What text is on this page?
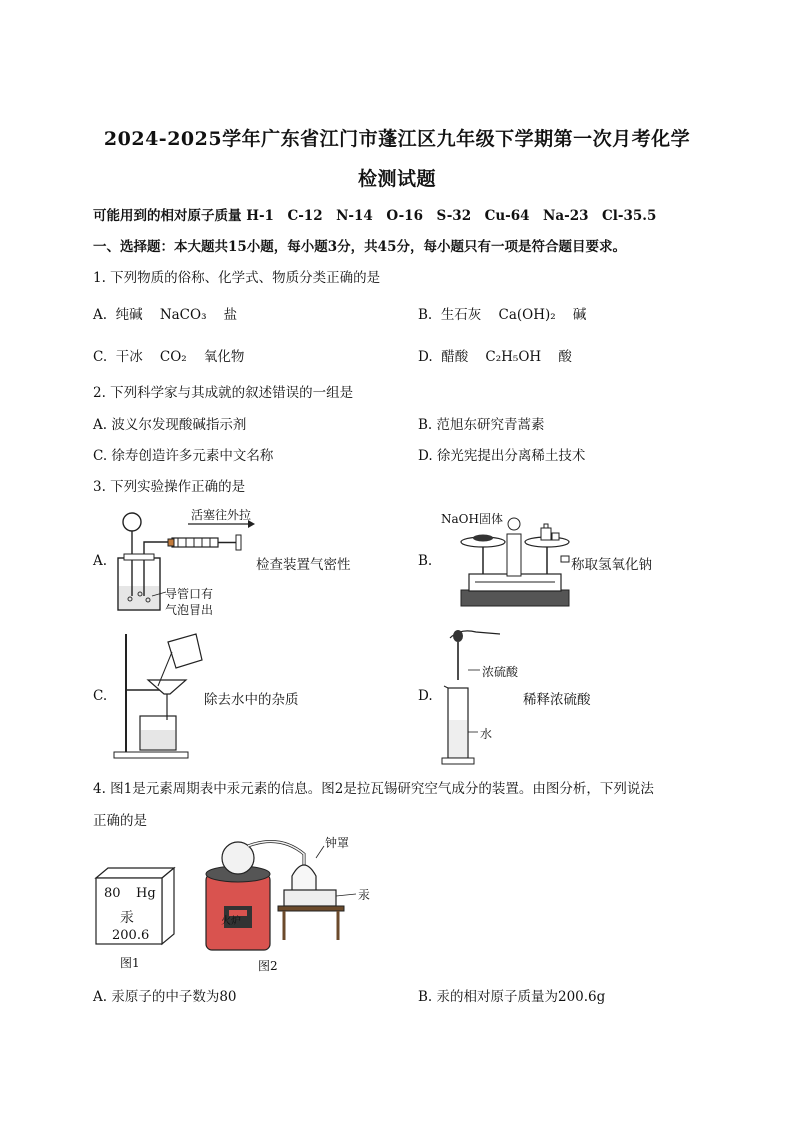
2024-2025学年广东省江门市蓬江区九年级下学期第一次月考化学
检测试题
可能用到的相对原子质量 H-1　C-12　N-14　O-16　S-32　Cu-64　Na-23　Cl-35.5
一、选择题：本大题共15小题，每小题3分，共45分，每小题只有一项是符合题目要求。
1. 下列物质的俗称、化学式、物质分类正确的是
A. 纯碱 NaCO₃ 盐	B. 生石灰 Ca(OH)₂ 碱
C. 干冰 CO₂ 氧化物	D. 醋酸 C₂H₅OH 酸
2. 下列科学家与其成就的叙述错误的一组是
A. 波义尔发现酸碱指示剂	B. 范旭东研究青蒿素
C. 徐寿创造许多元素中文名称	D. 徐光宪提出分离稀土技术
3. 下列实验操作正确的是
A.
活塞往外拉
导管口有
气泡冒出
检查装置气密性	B.
NaOH固体
称取氢氧化钠
C.	除去水中的杂质	D.
浓硫酸
水
稀释浓硫酸
4. 图1是元素周期表中汞元素的信息。图2是拉瓦锡研究空气成分的装置。由图分析，下列说法
正确的是
80 Hg
汞
200.6
图1
钟罩
汞
火炉
图2
A. 汞原子的中子数为80	B. 汞的相对原子质量为200.6g
